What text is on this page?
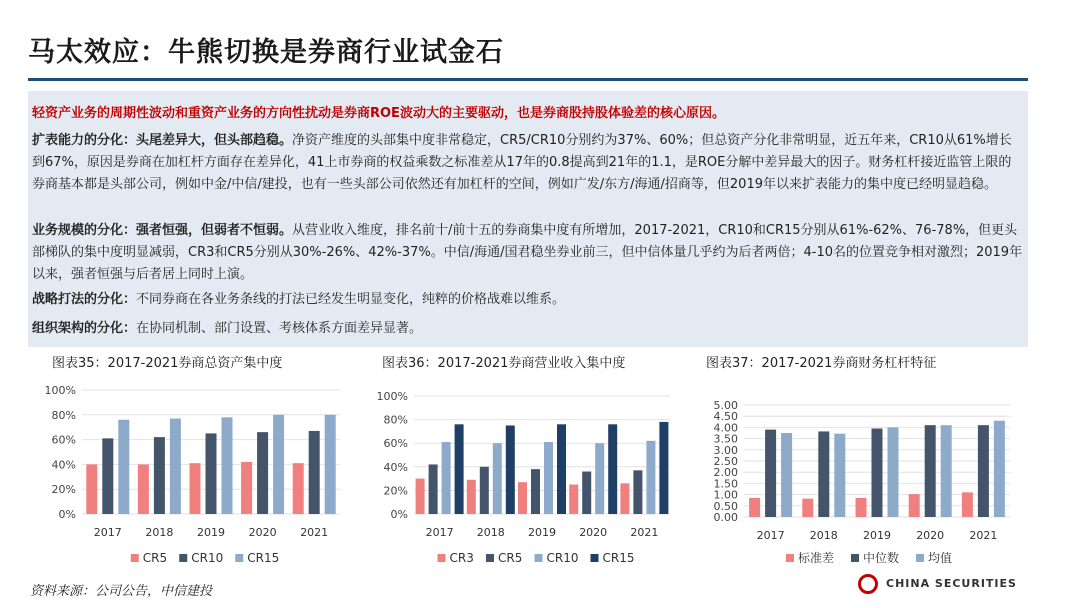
马太效应：牛熊切换是券商行业试金石

轻资产业务的周期性波动和重资产业务的方向性扰动是券商ROE波动大的主要驱动，也是券商股持股体验差的核心原因。

扩表能力的分化：头尾差异大，但头部趋稳。净资产维度的头部集中度非常稳定，CR5/CR10分别约为37%、60%；但总资产分化非常明显，近五年来，CR10从61%增长到67%，原因是券商在加杠杆方面存在差异化，41上市券商的权益乘数之标准差从17年的0.8提高到21年的1.1，是ROE分解中差异最大的因子。财务杠杆接近监管上限的券商基本都是头部公司，例如中金/中信/建投，也有一些头部公司依然还有加杠杆的空间，例如广发/东方/海通/招商等，但2019年以来扩表能力的集中度已经明显趋稳。

业务规模的分化：强者恒强，但弱者不恒弱。从营业收入维度，排名前十/前十五的券商集中度有所增加，2017-2021，CR10和CR15分别从61%-62%、76-78%，但更头部梯队的集中度明显减弱，CR3和CR5分别从30%-26%、42%-37%。中信/海通/国君稳坐券业前三，但中信体量几乎约为后者两倍；4-10名的位置竞争相对激烈；2019年以来，强者恒强与后者居上同时上演。

战略打法的分化：不同券商在各业务条线的打法已经发生明显变化，纯粹的价格战难以维系。

组织架构的分化：在协同机制、部门设置、考核体系方面差异显著。

图表35：2017-2021券商总资产集中度	图表36：2017-2021券商营业收入集中度	图表37：2017-2021券商财务杠杆特征
0%
20%
40%
60%
80%
100%
2017 2018 2019 2020 2021
CR5 CR10 CR15
0%
20%
40%
60%
80%
100%
2017 2018 2019 2020 2021
CR3 CR5 CR10 CR15
0.00
0.50
1.00
1.50
2.00
2.50
3.00
3.50
4.00
4.50
5.00
2017 2018 2019 2020 2021
标准差 中位数 均值
资料来源：公司公告，中信建投
CHINA SECURITIES
